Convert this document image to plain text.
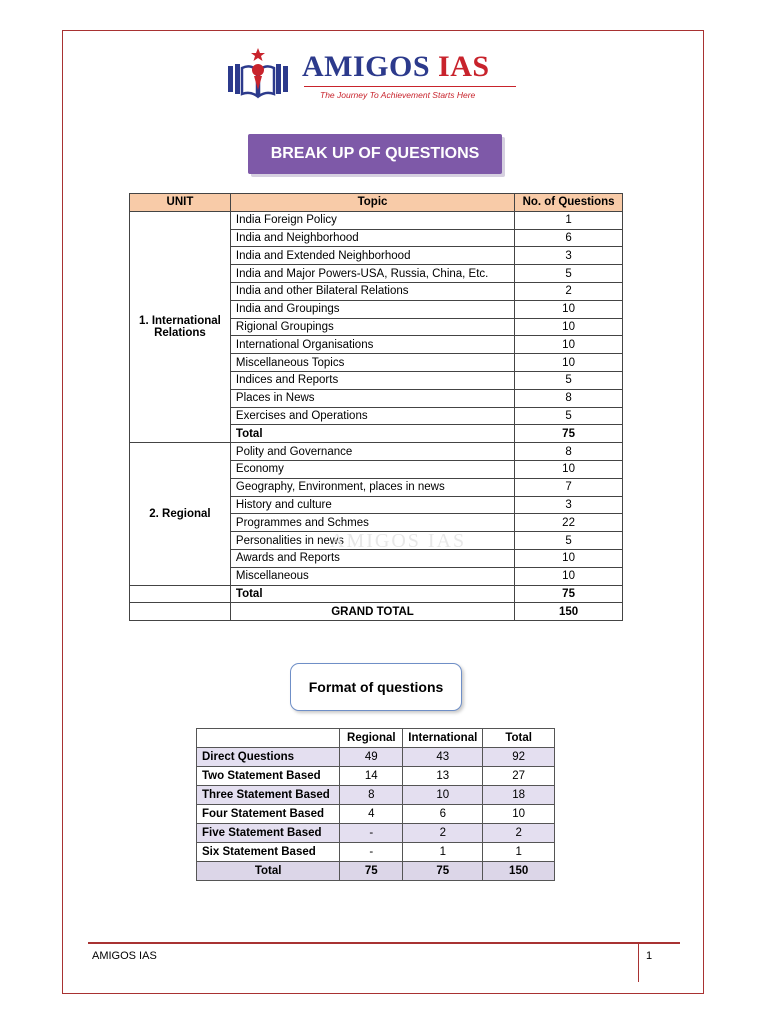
AMIGOS IAS
The Journey To Achievement Starts Here
BREAK UP OF QUESTIONS
UNIT	Topic	No. of Questions
1. International Relations	India Foreign Policy	1
	India and Neighborhood	6
	India and Extended Neighborhood	3
	India and Major Powers-USA, Russia, China, Etc.	5
	India and other Bilateral Relations	2
	India and Groupings	10
	Rigional Groupings	10
	International Organisations	10
	Miscellaneous Topics	10
	Indices and Reports	5
	Places in News	8
	Exercises and Operations	5
	Total	75
2. Regional	Polity and Governance	8
	Economy	10
	Geography, Environment, places in news	7
	History and culture	3
	Programmes and Schmes	22
	Personalities in news	5
	Awards and Reports	10
	Miscellaneous	10
	Total	75
	GRAND TOTAL	150
AMIGOS IAS
Format of questions
	Regional	International	Total
Direct Questions	49	43	92
Two Statement Based	14	13	27
Three Statement Based	8	10	18
Four Statement Based	4	6	10
Five Statement Based	-	2	2
Six Statement Based	-	1	1
Total	75	75	150
AMIGOS IAS	1
